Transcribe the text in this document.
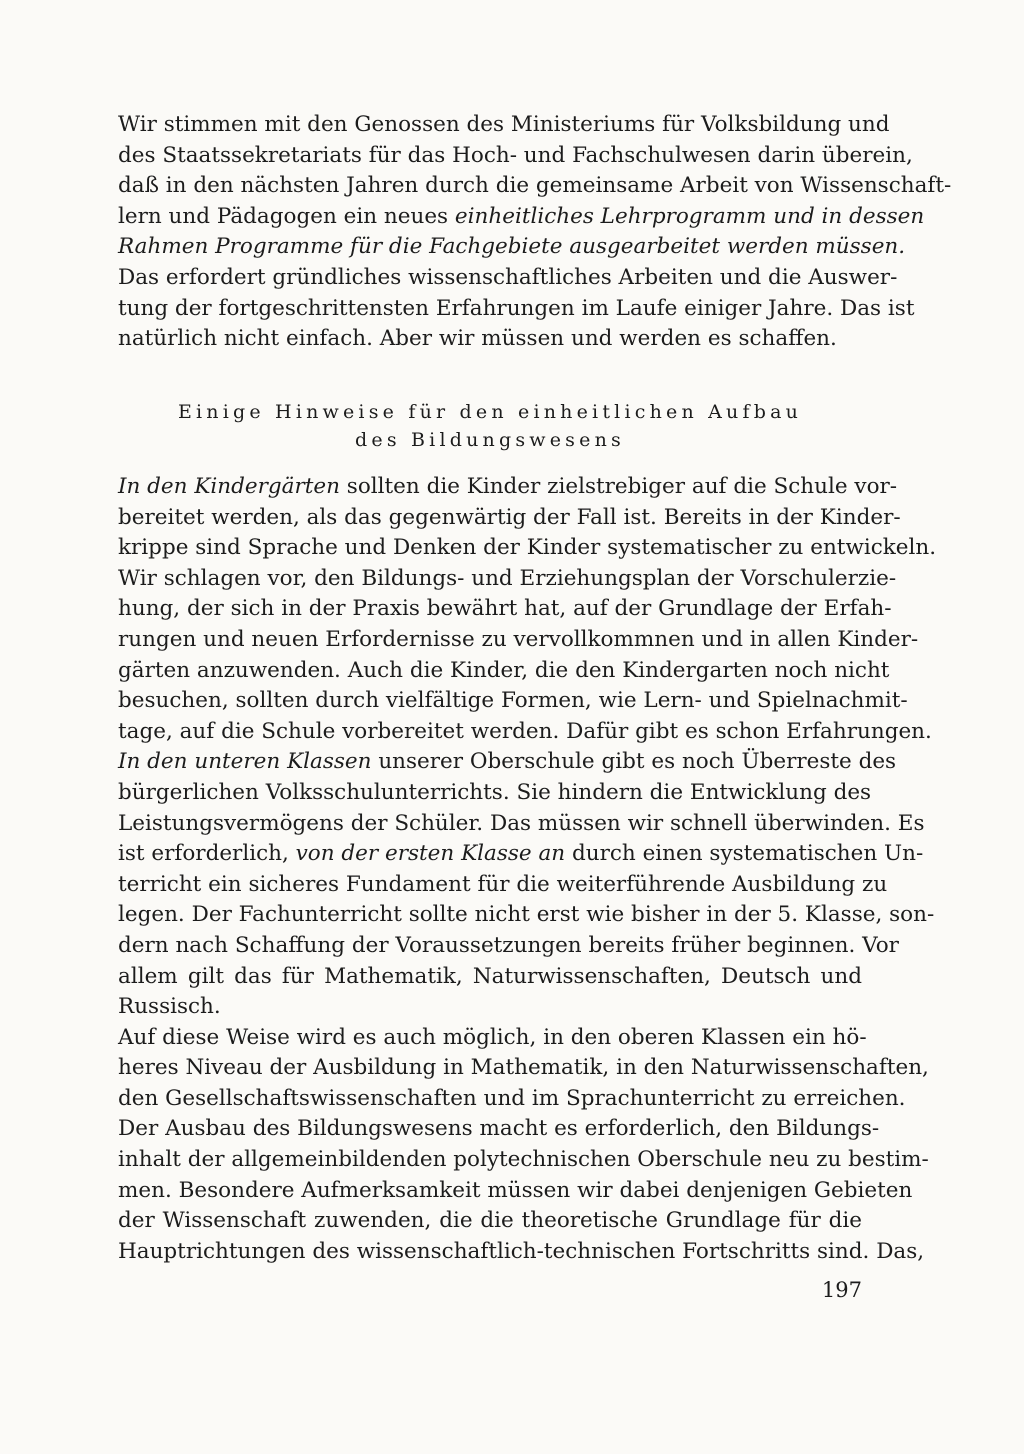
Wir stimmen mit den Genossen des Ministeriums für Volksbildung und
des Staatssekretariats für das Hoch- und Fachschulwesen darin überein,
daß in den nächsten Jahren durch die gemeinsame Arbeit von Wissenschaft-
lern und Pädagogen ein neues einheitliches Lehrprogramm und in dessen
Rahmen Programme für die Fachgebiete ausgearbeitet werden müssen.
Das erfordert gründliches wissenschaftliches Arbeiten und die Auswer-
tung der fortgeschrittensten Erfahrungen im Laufe einiger Jahre. Das ist
natürlich nicht einfach. Aber wir müssen und werden es schaffen.
Einige Hinweise für den einheitlichen Aufbau
des Bildungswesens
In den Kindergärten sollten die Kinder zielstrebiger auf die Schule vor-
bereitet werden, als das gegenwärtig der Fall ist. Bereits in der Kinder-
krippe sind Sprache und Denken der Kinder systematischer zu entwickeln.
Wir schlagen vor, den Bildungs- und Erziehungsplan der Vorschulerzie-
hung, der sich in der Praxis bewährt hat, auf der Grundlage der Erfah-
rungen und neuen Erfordernisse zu vervollkommnen und in allen Kinder-
gärten anzuwenden. Auch die Kinder, die den Kindergarten noch nicht
besuchen, sollten durch vielfältige Formen, wie Lern- und Spielnachmit-
tage, auf die Schule vorbereitet werden. Dafür gibt es schon Erfahrungen.
In den unteren Klassen unserer Oberschule gibt es noch Überreste des
bürgerlichen Volksschulunterrichts. Sie hindern die Entwicklung des
Leistungsvermögens der Schüler. Das müssen wir schnell überwinden. Es
ist erforderlich, von der ersten Klasse an durch einen systematischen Un-
terricht ein sicheres Fundament für die weiterführende Ausbildung zu
legen. Der Fachunterricht sollte nicht erst wie bisher in der 5. Klasse, son-
dern nach Schaffung der Voraussetzungen bereits früher beginnen. Vor
allem gilt das für Mathematik, Naturwissenschaften, Deutsch und
Russisch.
Auf diese Weise wird es auch möglich, in den oberen Klassen ein hö-
heres Niveau der Ausbildung in Mathematik, in den Naturwissenschaften,
den Gesellschaftswissenschaften und im Sprachunterricht zu erreichen.
Der Ausbau des Bildungswesens macht es erforderlich, den Bildungs-
inhalt der allgemeinbildenden polytechnischen Oberschule neu zu bestim-
men. Besondere Aufmerksamkeit müssen wir dabei denjenigen Gebieten
der Wissenschaft zuwenden, die die theoretische Grundlage für die
Hauptrichtungen des wissenschaftlich-technischen Fortschritts sind. Das,
197
